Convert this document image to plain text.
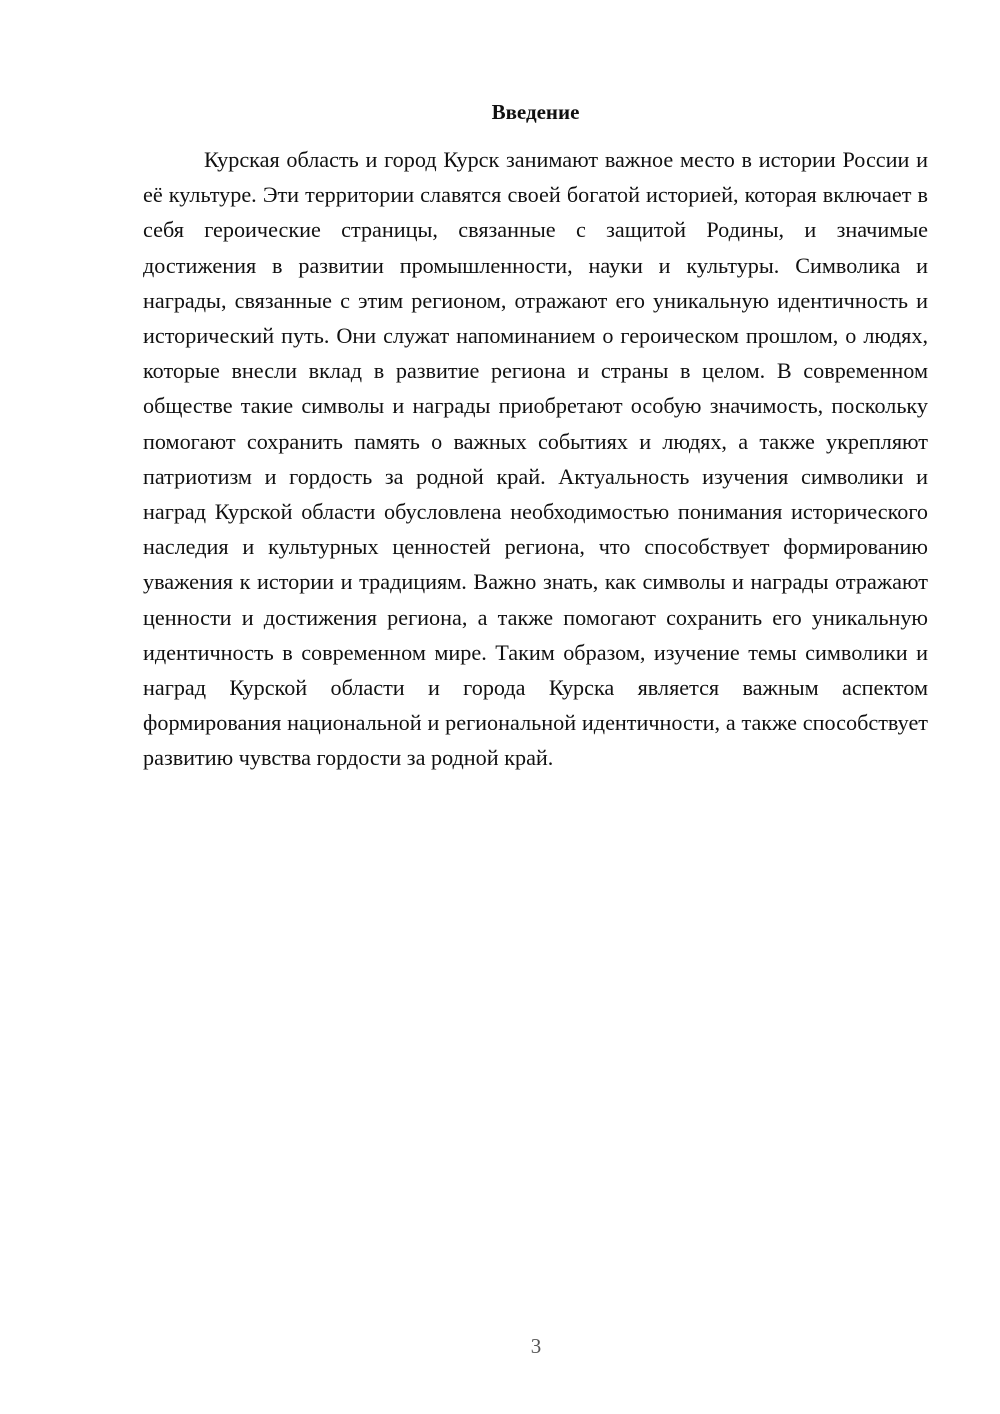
Введение

Курская область и город Курск занимают важное место в истории России и её культуре. Эти территории славятся своей богатой историей, которая включает в себя героические страницы, связанные с защитой Родины, и значимые достижения в развитии промышленности, науки и культуры. Символика и награды, связанные с этим регионом, отражают его уникальную идентичность и исторический путь. Они служат напоминанием о героическом прошлом, о людях, которые внесли вклад в развитие региона и страны в целом. В современном обществе такие символы и награды приобретают особую значимость, поскольку помогают сохранить память о важных событиях и людях, а также укрепляют патриотизм и гордость за родной край. Актуальность изучения символики и наград Курской области обусловлена необходимостью понимания исторического наследия и культурных ценностей региона, что способствует формированию уважения к истории и традициям. Важно знать, как символы и награды отражают ценности и достижения региона, а также помогают сохранить его уникальную идентичность в современном мире. Таким образом, изучение темы символики и наград Курской области и города Курска является важным аспектом формирования национальной и региональной идентичности, а также способствует развитию чувства гордости за родной край.

3
